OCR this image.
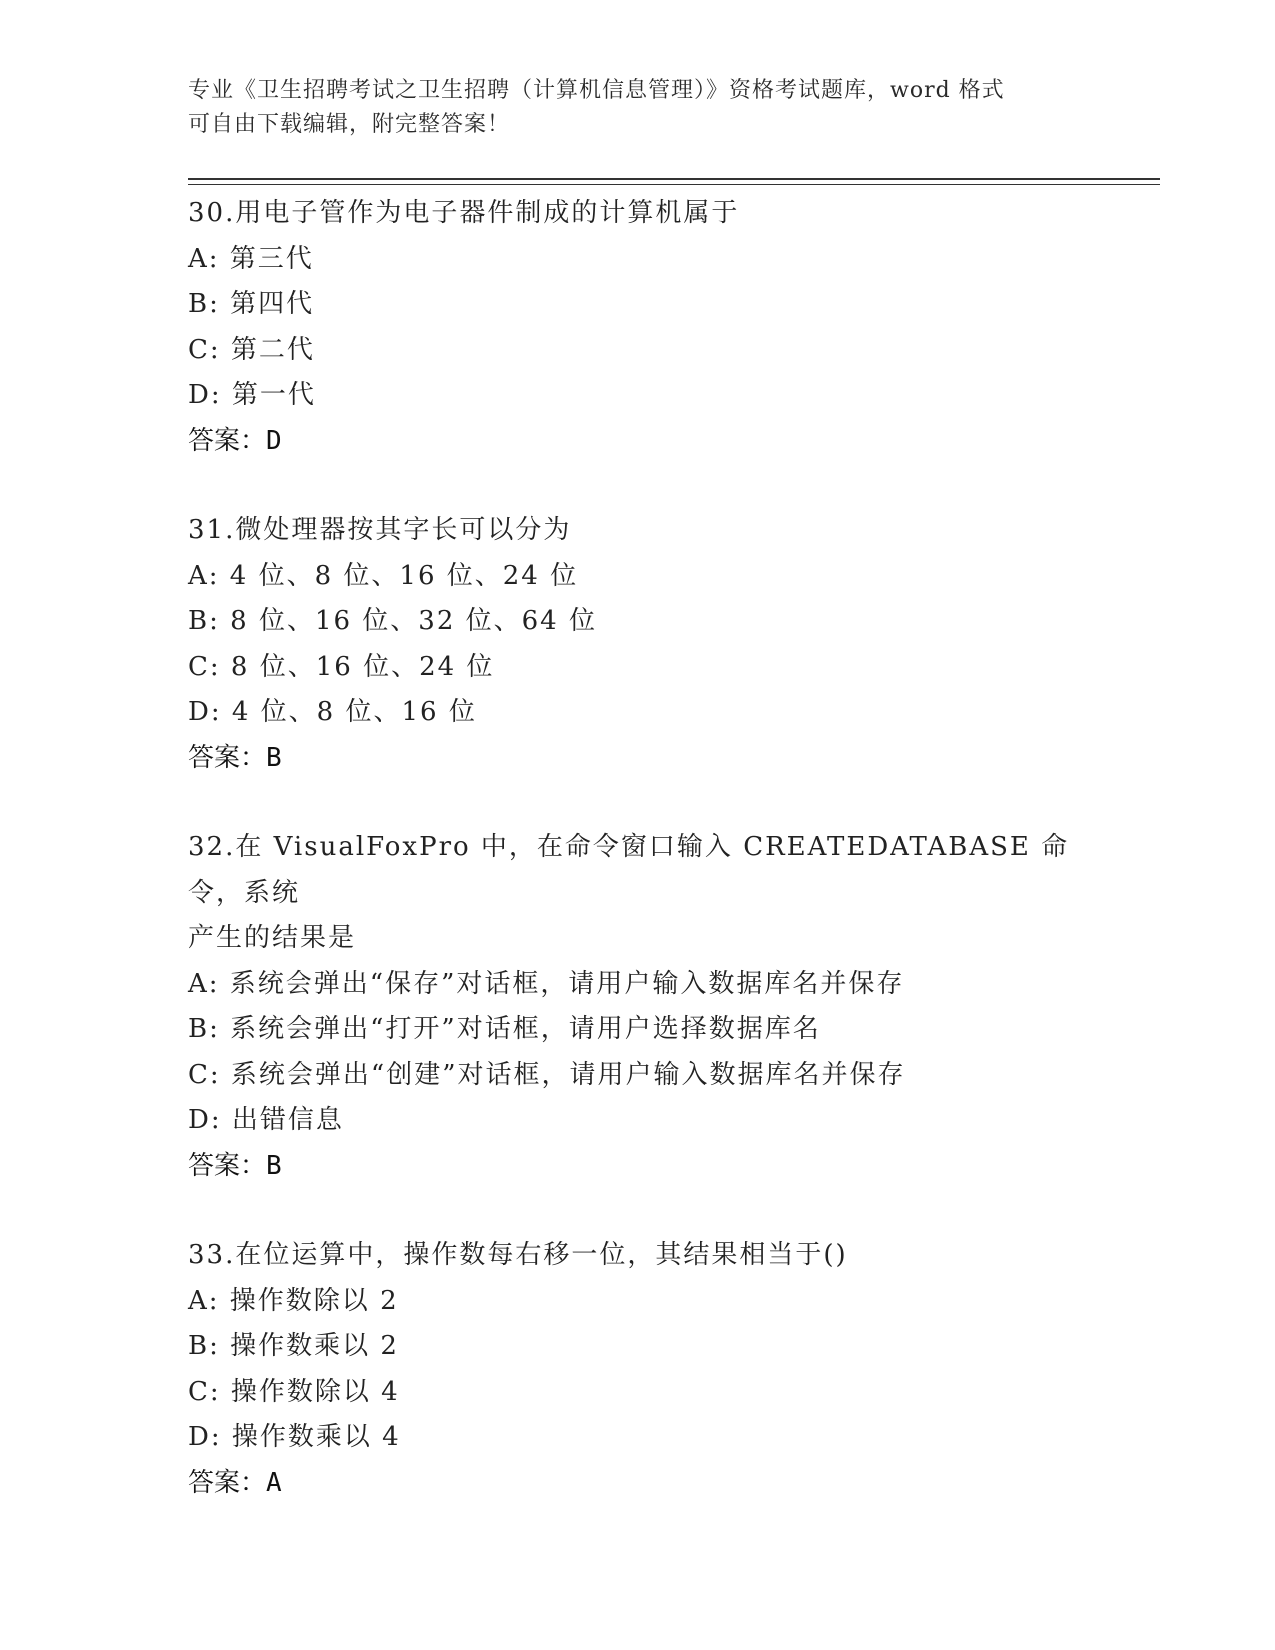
专业《卫生招聘考试之卫生招聘（计算机信息管理）》资格考试题库，word 格式
可自由下载编辑，附完整答案！

30.用电子管作为电子器件制成的计算机属于

A: 第三代

B: 第四代

C: 第二代

D: 第一代

答案：D

31.微处理器按其字长可以分为

A: 4 位、8 位、16 位、24 位

B: 8 位、16 位、32 位、64 位

C: 8 位、16 位、24 位

D: 4 位、8 位、16 位

答案：B

32.在 VisualFoxPro 中，在命令窗口输入 CREATEDATABASE 命令，系统

产生的结果是

A: 系统会弹出“保存”对话框，请用户输入数据库名并保存

B: 系统会弹出“打开”对话框，请用户选择数据库名

C: 系统会弹出“创建”对话框，请用户输入数据库名并保存

D: 出错信息

答案：B

33.在位运算中，操作数每右移一位，其结果相当于()

A: 操作数除以 2

B: 操作数乘以 2

C: 操作数除以 4

D: 操作数乘以 4

答案：A
